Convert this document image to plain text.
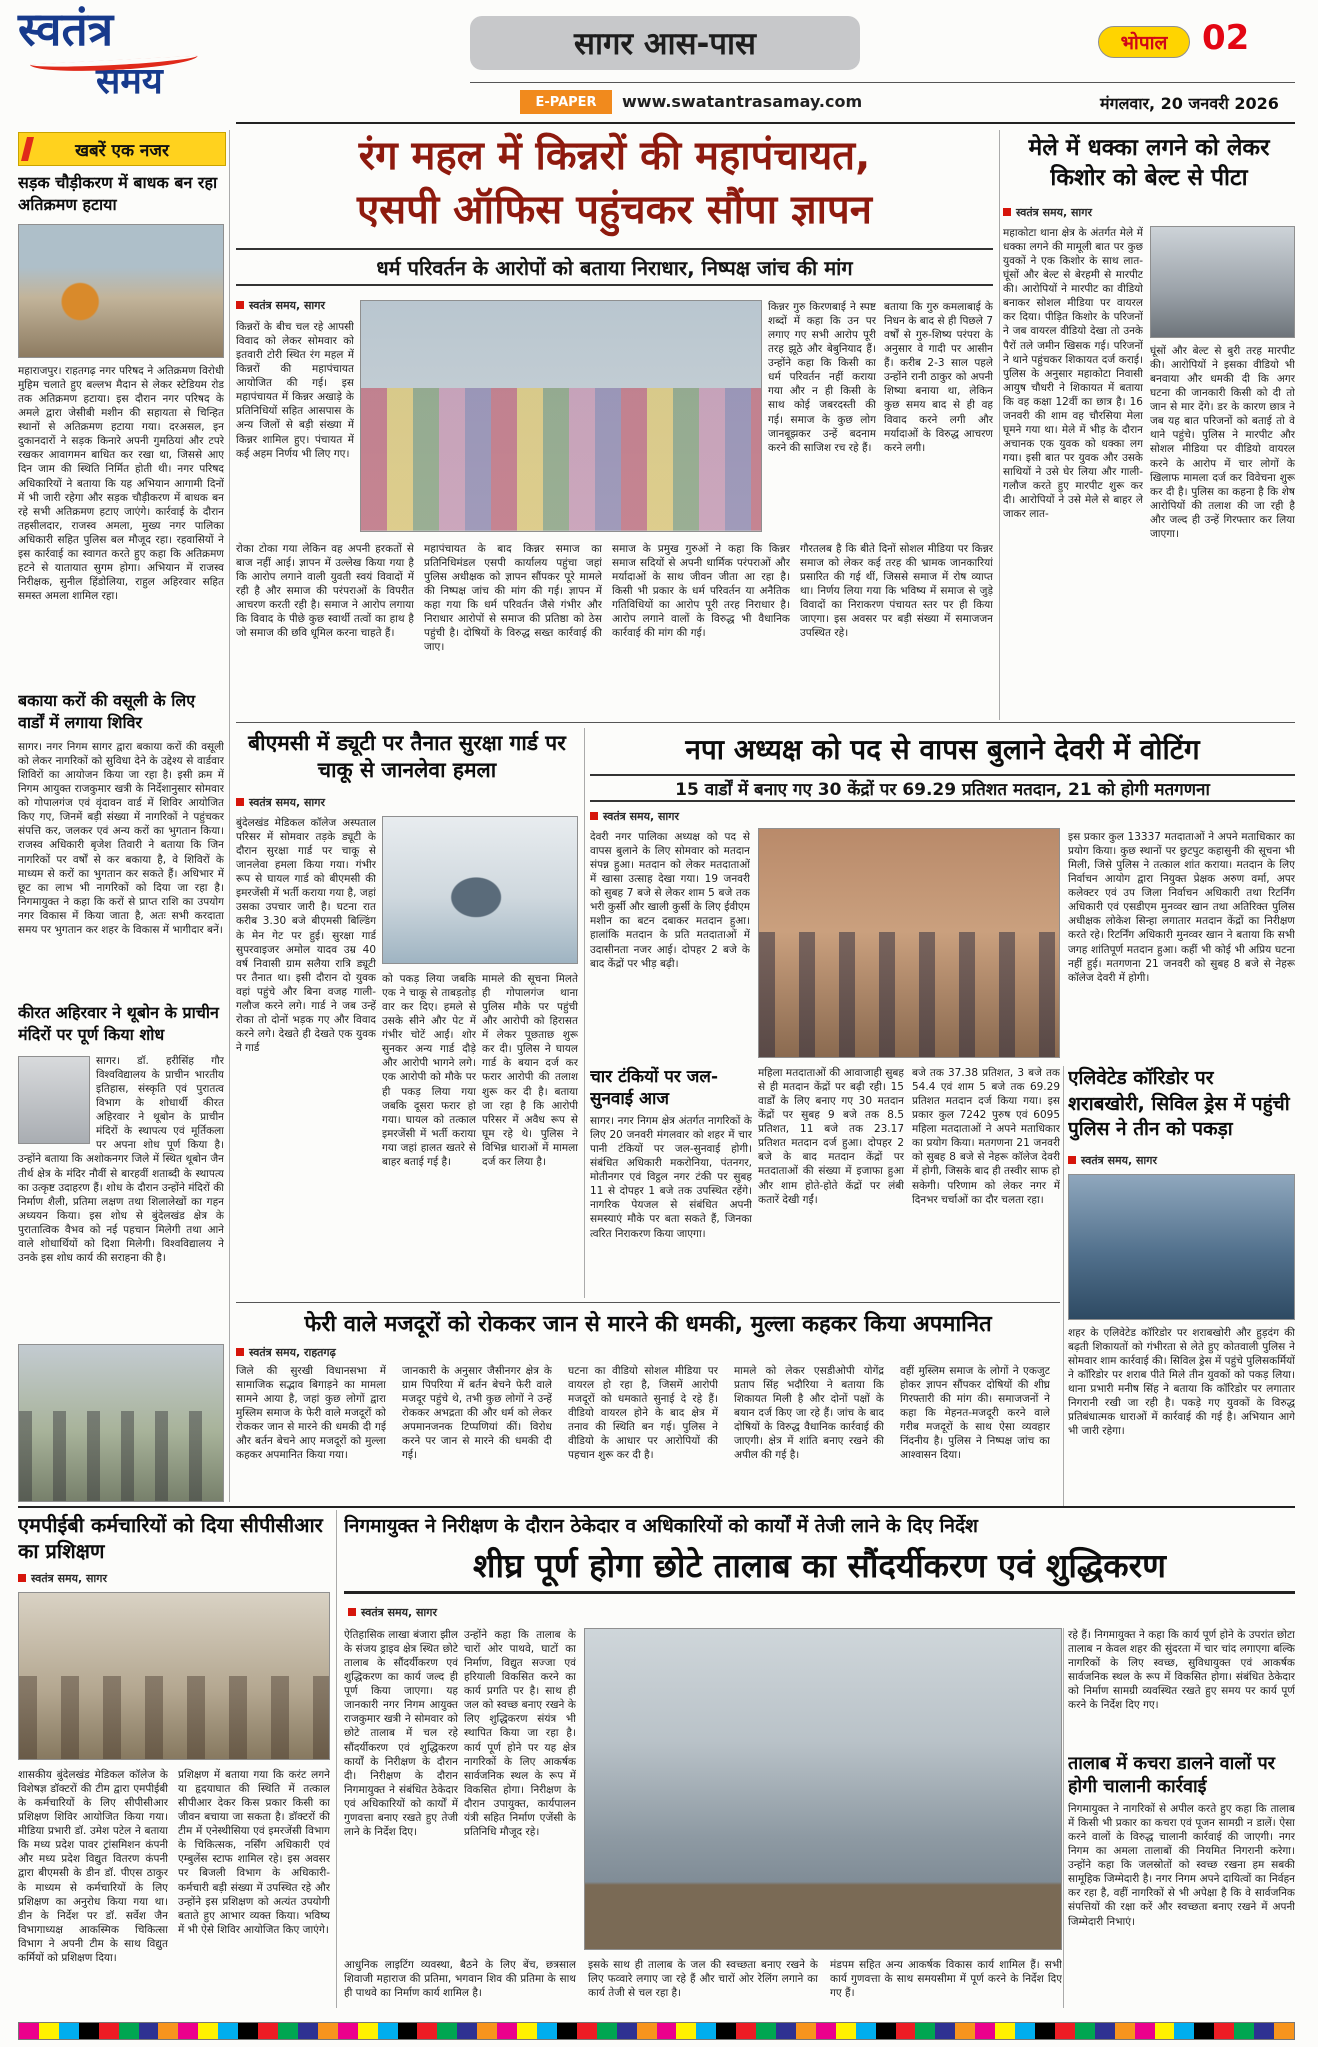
स्वतंत्र
समय
सागर आस-पास	भोपाल	02
E-PAPER	www.swatantrasamay.com	मंगलवार, 20 जनवरी 2026
खबरें एक नजर
सड़क चौड़ीकरण में बाधक बन रहा अतिक्रमण हटाया
महाराजपुर। राहतगढ़ नगर परिषद ने अतिक्रमण विरोधी मुहिम चलाते हुए बल्लभ मैदान से लेकर स्टेडियम रोड तक अतिक्रमण हटाया। इस दौरान नगर परिषद के अमले द्वारा जेसीबी मशीन की सहायता से चिन्हित स्थानों से अतिक्रमण हटाया गया। दरअसल, इन दुकानदारों ने सड़क किनारे अपनी गुमठियां और टपरे रखकर आवागमन बाधित कर रखा था, जिससे आए दिन जाम की स्थिति निर्मित होती थी। नगर परिषद अधिकारियों ने बताया कि यह अभियान आगामी दिनों में भी जारी रहेगा और सड़क चौड़ीकरण में बाधक बन रहे सभी अतिक्रमण हटाए जाएंगे। कार्रवाई के दौरान तहसीलदार, राजस्व अमला, मुख्य नगर पालिका अधिकारी सहित पुलिस बल मौजूद रहा। रहवासियों ने इस कार्रवाई का स्वागत करते हुए कहा कि अतिक्रमण हटने से यातायात सुगम होगा। अभियान में राजस्व निरीक्षक, सुनील हिंडोलिया, राहुल अहिरवार सहित समस्त अमला शामिल रहा।
बकाया करों की वसूली के लिए वार्डों में लगाया शिविर
सागर। नगर निगम सागर द्वारा बकाया करों की वसूली को लेकर नागरिकों को सुविधा देने के उद्देश्य से वार्डवार शिविरों का आयोजन किया जा रहा है। इसी क्रम में निगम आयुक्त राजकुमार खत्री के निर्देशानुसार सोमवार को गोपालगंज एवं वृंदावन वार्ड में शिविर आयोजित किए गए, जिनमें बड़ी संख्या में नागरिकों ने पहुंचकर संपत्ति कर, जलकर एवं अन्य करों का भुगतान किया। राजस्व अधिकारी बृजेश तिवारी ने बताया कि जिन नागरिकों पर वर्षों से कर बकाया है, वे शिविरों के माध्यम से करों का भुगतान कर सकते हैं। अधिभार में छूट का लाभ भी नागरिकों को दिया जा रहा है। निगमायुक्त ने कहा कि करों से प्राप्त राशि का उपयोग नगर विकास में किया जाता है, अतः सभी करदाता समय पर भुगतान कर शहर के विकास में भागीदार बनें।
कीरत अहिरवार ने थूबोन के प्राचीन मंदिरों पर पूर्ण किया शोध
सागर। डॉ. हरीसिंह गौर विश्वविद्यालय के प्राचीन भारतीय इतिहास, संस्कृति एवं पुरातत्व विभाग के शोधार्थी कीरत अहिरवार ने थूबोन के प्राचीन मंदिरों के स्थापत्य एवं मूर्तिकला पर अपना शोध पूर्ण किया है। उन्होंने बताया कि अशोकनगर जिले में स्थित थूबोन जैन तीर्थ क्षेत्र के मंदिर नौवीं से बारहवीं शताब्दी के स्थापत्य का उत्कृष्ट उदाहरण हैं। शोध के दौरान उन्होंने मंदिरों की निर्माण शैली, प्रतिमा लक्षण तथा शिलालेखों का गहन अध्ययन किया। इस शोध से बुंदेलखंड क्षेत्र के पुरातात्विक वैभव को नई पहचान मिलेगी तथा आने वाले शोधार्थियों को दिशा मिलेगी। विश्वविद्यालय ने उनके इस शोध कार्य की सराहना की है।
रंग महल में किन्नरों की महापंचायत,
एसपी ऑफिस पहुंचकर सौंपा ज्ञापन
धर्म परिवर्तन के आरोपों को बताया निराधार, निष्पक्ष जांच की मांग
स्वतंत्र समय, सागर
किन्नरों के बीच चल रहे आपसी विवाद को लेकर सोमवार को इतवारी टोरी स्थित रंग महल में किन्नरों की महापंचायत आयोजित की गई। इस महापंचायत में किन्नर अखाड़े के प्रतिनिधियों सहित आसपास के अन्य जिलों से बड़ी संख्या में किन्नर शामिल हुए। पंचायत में कई अहम निर्णय भी लिए गए।
किन्नर गुरु किरणबाई ने स्पष्ट शब्दों में कहा कि उन पर लगाए गए सभी आरोप पूरी तरह झूठे और बेबुनियाद हैं। उन्होंने कहा कि किसी का धर्म परिवर्तन नहीं कराया गया और न ही किसी के साथ कोई जबरदस्ती की गई। समाज के कुछ लोग जानबूझकर उन्हें बदनाम करने की साजिश रच रहे हैं।
बताया कि गुरु कमलाबाई के निधन के बाद से ही पिछले 7 वर्षों से गुरु-शिष्य परंपरा के अनुसार वे गादी पर आसीन हैं। करीब 2-3 साल पहले उन्होंने रानी ठाकुर को अपनी शिष्या बनाया था, लेकिन कुछ समय बाद से ही वह विवाद करने लगी और मर्यादाओं के विरुद्ध आचरण करने लगी।
रोका टोका गया लेकिन वह अपनी हरकतों से बाज नहीं आई। ज्ञापन में उल्लेख किया गया है कि आरोप लगाने वाली युवती स्वयं विवादों में रही है और समाज की परंपराओं के विपरीत आचरण करती रही है। समाज ने आरोप लगाया कि विवाद के पीछे कुछ स्वार्थी तत्वों का हाथ है जो समाज की छवि धूमिल करना चाहते हैं।
महापंचायत के बाद किन्नर समाज का प्रतिनिधिमंडल एसपी कार्यालय पहुंचा जहां पुलिस अधीक्षक को ज्ञापन सौंपकर पूरे मामले की निष्पक्ष जांच की मांग की गई। ज्ञापन में कहा गया कि धर्म परिवर्तन जैसे गंभीर और निराधार आरोपों से समाज की प्रतिष्ठा को ठेस पहुंची है। दोषियों के विरुद्ध सख्त कार्रवाई की जाए।
समाज के प्रमुख गुरुओं ने कहा कि किन्नर समाज सदियों से अपनी धार्मिक परंपराओं और मर्यादाओं के साथ जीवन जीता आ रहा है। किसी भी प्रकार के धर्म परिवर्तन या अनैतिक गतिविधियों का आरोप पूरी तरह निराधार है। आरोप लगाने वालों के विरुद्ध भी वैधानिक कार्रवाई की मांग की गई।
गौरतलब है कि बीते दिनों सोशल मीडिया पर किन्नर समाज को लेकर कई तरह की भ्रामक जानकारियां प्रसारित की गई थीं, जिससे समाज में रोष व्याप्त था। निर्णय लिया गया कि भविष्य में समाज से जुड़े विवादों का निराकरण पंचायत स्तर पर ही किया जाएगा। इस अवसर पर बड़ी संख्या में समाजजन उपस्थित रहे।
मेले में धक्का लगने को लेकर किशोर को बेल्ट से पीटा
स्वतंत्र समय, सागर
महाकोटा थाना क्षेत्र के अंतर्गत मेले में धक्का लगने की मामूली बात पर कुछ युवकों ने एक किशोर के साथ लात-घूंसों और बेल्ट से बेरहमी से मारपीट की। आरोपियों ने मारपीट का वीडियो बनाकर सोशल मीडिया पर वायरल कर दिया। पीड़ित किशोर के परिजनों ने जब वायरल वीडियो देखा तो उनके पैरों तले जमीन खिसक गई। परिजनों ने थाने पहुंचकर शिकायत दर्ज कराई। पुलिस के अनुसार महाकोटा निवासी आयुष चौधरी ने शिकायत में बताया कि वह कक्षा 12वीं का छात्र है। 16 जनवरी की शाम वह चौरसिया मेला घूमने गया था। मेले में भीड़ के दौरान अचानक एक युवक को धक्का लग गया। इसी बात पर युवक और उसके साथियों ने उसे घेर लिया और गाली-गलौज करते हुए मारपीट शुरू कर दी। आरोपियों ने उसे मेले से बाहर ले जाकर लात-
घूंसों और बेल्ट से बुरी तरह मारपीट की। आरोपियों ने इसका वीडियो भी बनवाया और धमकी दी कि अगर घटना की जानकारी किसी को दी तो जान से मार देंगे। डर के कारण छात्र ने जब यह बात परिजनों को बताई तो वे थाने पहुंचे। पुलिस ने मारपीट और सोशल मीडिया पर वीडियो वायरल करने के आरोप में चार लोगों के खिलाफ मामला दर्ज कर विवेचना शुरू कर दी है। पुलिस का कहना है कि शेष आरोपियों की तलाश की जा रही है और जल्द ही उन्हें गिरफ्तार कर लिया जाएगा।
बीएमसी में ड्यूटी पर तैनात सुरक्षा गार्ड पर चाकू से जानलेवा हमला
स्वतंत्र समय, सागर
बुंदेलखंड मेडिकल कॉलेज अस्पताल परिसर में सोमवार तड़के ड्यूटी के दौरान सुरक्षा गार्ड पर चाकू से जानलेवा हमला किया गया। गंभीर रूप से घायल गार्ड को बीएमसी की इमरजेंसी में भर्ती कराया गया है, जहां उसका उपचार जारी है। घटना रात करीब 3.30 बजे बीएमसी बिल्डिंग के मेन गेट पर हुई। सुरक्षा गार्ड सुपरवाइजर अमोल यादव उम्र 40 वर्ष निवासी ग्राम सलैया रात्रि ड्यूटी पर तैनात था। इसी दौरान दो युवक वहां पहुंचे और बिना वजह गाली-गलौज करने लगे। गार्ड ने जब उन्हें रोका तो दोनों भड़क गए और विवाद करने लगे। देखते ही देखते एक युवक ने गार्ड
को पकड़ लिया जबकि एक ने चाकू से ताबड़तोड़ वार कर दिए। हमले से उसके सीने और पेट में गंभीर चोटें आईं। शोर सुनकर अन्य गार्ड दौड़े और आरोपी भागने लगे। एक आरोपी को मौके पर ही पकड़ लिया गया जबकि दूसरा फरार हो गया। घायल को तत्काल इमरजेंसी में भर्ती कराया गया जहां हालत खतरे से बाहर बताई गई है।
मामले की सूचना मिलते ही गोपालगंज थाना पुलिस मौके पर पहुंची और आरोपी को हिरासत में लेकर पूछताछ शुरू कर दी। पुलिस ने घायल गार्ड के बयान दर्ज कर फरार आरोपी की तलाश शुरू कर दी है। बताया जा रहा है कि आरोपी परिसर में अवैध रूप से घूम रहे थे। पुलिस ने विभिन्न धाराओं में मामला दर्ज कर लिया है।
नपा अध्यक्ष को पद से वापस बुलाने देवरी में वोटिंग
15 वार्डों में बनाए गए 30 केंद्रों पर 69.29 प्रतिशत मतदान, 21 को होगी मतगणना
स्वतंत्र समय, सागर
देवरी नगर पालिका अध्यक्ष को पद से वापस बुलाने के लिए सोमवार को मतदान संपन्न हुआ। मतदान को लेकर मतदाताओं में खासा उत्साह देखा गया। 19 जनवरी को सुबह 7 बजे से लेकर शाम 5 बजे तक भरी कुर्सी और खाली कुर्सी के लिए ईवीएम मशीन का बटन दबाकर मतदान हुआ। हालांकि मतदान के प्रति मतदाताओं में उदासीनता नजर आई। दोपहर 2 बजे के बाद केंद्रों पर भीड़ बढ़ी।
इस प्रकार कुल 13337 मतदाताओं ने अपने मताधिकार का प्रयोग किया। कुछ स्थानों पर छुटपुट कहासुनी की सूचना भी मिली, जिसे पुलिस ने तत्काल शांत कराया। मतदान के लिए निर्वाचन आयोग द्वारा नियुक्त प्रेक्षक अरुण वर्मा, अपर कलेक्टर एवं उप जिला निर्वाचन अधिकारी तथा रिटर्निंग अधिकारी एवं एसडीएम मुनव्वर खान तथा अतिरिक्त पुलिस अधीक्षक लोकेश सिन्हा लगातार मतदान केंद्रों का निरीक्षण करते रहे। रिटर्निंग अधिकारी मुनव्वर खान ने बताया कि सभी जगह शांतिपूर्ण मतदान हुआ। कहीं भी कोई भी अप्रिय घटना नहीं हुई। मतगणना 21 जनवरी को सुबह 8 बजे से नेहरू कॉलेज देवरी में होगी।
महिला मतदाताओं की आवाजाही सुबह से ही मतदान केंद्रों पर बढ़ी रही। 15 वार्डों के लिए बनाए गए 30 मतदान केंद्रों पर सुबह 9 बजे तक 8.5 प्रतिशत, 11 बजे तक 23.17 प्रतिशत मतदान दर्ज हुआ। दोपहर 2 बजे के बाद मतदान केंद्रों पर मतदाताओं की संख्या में इजाफा हुआ और शाम होते-होते केंद्रों पर लंबी कतारें देखी गईं।
बजे तक 37.38 प्रतिशत, 3 बजे तक 54.4 एवं शाम 5 बजे तक 69.29 प्रतिशत मतदान दर्ज किया गया। इस प्रकार कुल 7242 पुरुष एवं 6095 महिला मतदाताओं ने अपने मताधिकार का प्रयोग किया। मतगणना 21 जनवरी को सुबह 8 बजे से नेहरू कॉलेज देवरी में होगी, जिसके बाद ही तस्वीर साफ हो सकेगी। परिणाम को लेकर नगर में दिनभर चर्चाओं का दौर चलता रहा।
चार टंकियों पर जल-सुनवाई आज
सागर। नगर निगम क्षेत्र अंतर्गत नागरिकों के लिए 20 जनवरी मंगलवार को शहर में चार पानी टंकियों पर जल-सुनवाई होगी। संबंधित अधिकारी मकरोनिया, पंतनगर, मोतीनगर एवं विट्ठल नगर टंकी पर सुबह 11 से दोपहर 1 बजे तक उपस्थित रहेंगे। नागरिक पेयजल से संबंधित अपनी समस्याएं मौके पर बता सकते हैं, जिनका त्वरित निराकरण किया जाएगा।
एलिवेटेड कॉरिडोर पर शराबखोरी, सिविल ड्रेस में पहुंची पुलिस ने तीन को पकड़ा
स्वतंत्र समय, सागर
शहर के एलिवेटेड कॉरिडोर पर शराबखोरी और हुड़दंग की बढ़ती शिकायतों को गंभीरता से लेते हुए कोतवाली पुलिस ने सोमवार शाम कार्रवाई की। सिविल ड्रेस में पहुंचे पुलिसकर्मियों ने कॉरिडोर पर शराब पीते मिले तीन युवकों को पकड़ लिया। थाना प्रभारी मनीष सिंह ने बताया कि कॉरिडोर पर लगातार निगरानी रखी जा रही है। पकड़े गए युवकों के विरुद्ध प्रतिबंधात्मक धाराओं में कार्रवाई की गई है। अभियान आगे भी जारी रहेगा।
फेरी वाले मजदूरों को रोककर जान से मारने की धमकी, मुल्ला कहकर किया अपमानित
स्वतंत्र समय, राहतगढ़
जिले की सुरखी विधानसभा में सामाजिक सद्भाव बिगाड़ने का मामला सामने आया है, जहां कुछ लोगों द्वारा मुस्लिम समाज के फेरी वाले मजदूरों को रोककर जान से मारने की धमकी दी गई और बर्तन बेचने आए मजदूरों को मुल्ला कहकर अपमानित किया गया।
जानकारी के अनुसार जैसीनगर क्षेत्र के ग्राम पिपरिया में बर्तन बेचने फेरी वाले मजदूर पहुंचे थे, तभी कुछ लोगों ने उन्हें रोककर अभद्रता की और धर्म को लेकर अपमानजनक टिप्पणियां कीं। विरोध करने पर जान से मारने की धमकी दी गई।
घटना का वीडियो सोशल मीडिया पर वायरल हो रहा है, जिसमें आरोपी मजदूरों को धमकाते सुनाई दे रहे हैं। वीडियो वायरल होने के बाद क्षेत्र में तनाव की स्थिति बन गई। पुलिस ने वीडियो के आधार पर आरोपियों की पहचान शुरू कर दी है।
मामले को लेकर एसडीओपी योगेंद्र प्रताप सिंह भदौरिया ने बताया कि शिकायत मिली है और दोनों पक्षों के बयान दर्ज किए जा रहे हैं। जांच के बाद दोषियों के विरुद्ध वैधानिक कार्रवाई की जाएगी। क्षेत्र में शांति बनाए रखने की अपील की गई है।
वहीं मुस्लिम समाज के लोगों ने एकजुट होकर ज्ञापन सौंपकर दोषियों की शीघ्र गिरफ्तारी की मांग की। समाजजनों ने कहा कि मेहनत-मजदूरी करने वाले गरीब मजदूरों के साथ ऐसा व्यवहार निंदनीय है। पुलिस ने निष्पक्ष जांच का आश्वासन दिया।
एमपीईबी कर्मचारियों को दिया सीपीसीआर का प्रशिक्षण
स्वतंत्र समय, सागर
शासकीय बुंदेलखंड मेडिकल कॉलेज के विशेषज्ञ डॉक्टरों की टीम द्वारा एमपीईबी के कर्मचारियों के लिए सीपीसीआर प्रशिक्षण शिविर आयोजित किया गया। मीडिया प्रभारी डॉ. उमेश पटेल ने बताया कि मध्य प्रदेश पावर ट्रांसमिशन कंपनी और मध्य प्रदेश विद्युत वितरण कंपनी द्वारा बीएमसी के डीन डॉ. पीएस ठाकुर के माध्यम से कर्मचारियों के लिए प्रशिक्षण का अनुरोध किया गया था। डीन के निर्देश पर डॉ. सर्वेश जैन विभागाध्यक्ष आकस्मिक चिकित्सा विभाग ने अपनी टीम के साथ विद्युत कर्मियों को प्रशिक्षण दिया।
प्रशिक्षण में बताया गया कि करंट लगने या हृदयाघात की स्थिति में तत्काल सीपीआर देकर किस प्रकार किसी का जीवन बचाया जा सकता है। डॉक्टरों की टीम में एनेस्थीसिया एवं इमरजेंसी विभाग के चिकित्सक, नर्सिंग अधिकारी एवं एम्बुलेंस स्टाफ शामिल रहे। इस अवसर पर बिजली विभाग के अधिकारी-कर्मचारी बड़ी संख्या में उपस्थित रहे और उन्होंने इस प्रशिक्षण को अत्यंत उपयोगी बताते हुए आभार व्यक्त किया। भविष्य में भी ऐसे शिविर आयोजित किए जाएंगे।
निगमायुक्त ने निरीक्षण के दौरान ठेकेदार व अधिकारियों को कार्यों में तेजी लाने के दिए निर्देश
शीघ्र पूर्ण होगा छोटे तालाब का सौंदर्यीकरण एवं शुद्धिकरण
स्वतंत्र समय, सागर
ऐतिहासिक लाखा बंजारा झील के संजय ड्राइव क्षेत्र स्थित छोटे तालाब के सौंदर्यीकरण एवं शुद्धिकरण का कार्य जल्द ही पूर्ण किया जाएगा। यह जानकारी नगर निगम आयुक्त राजकुमार खत्री ने सोमवार को छोटे तालाब में चल रहे सौंदर्यीकरण एवं शुद्धिकरण कार्यों के निरीक्षण के दौरान दी। निरीक्षण के दौरान निगमायुक्त ने संबंधित ठेकेदार एवं अधिकारियों को कार्यों में गुणवत्ता बनाए रखते हुए तेजी लाने के निर्देश दिए।
उन्होंने कहा कि तालाब के चारों ओर पाथवे, घाटों का निर्माण, विद्युत सज्जा एवं हरियाली विकसित करने का कार्य प्रगति पर है। साथ ही जल को स्वच्छ बनाए रखने के लिए शुद्धिकरण संयंत्र भी स्थापित किया जा रहा है। कार्य पूर्ण होने पर यह क्षेत्र नागरिकों के लिए आकर्षक सार्वजनिक स्थल के रूप में विकसित होगा। निरीक्षण के दौरान उपायुक्त, कार्यपालन यंत्री सहित निर्माण एजेंसी के प्रतिनिधि मौजूद रहे।
रहे हैं। निगमायुक्त ने कहा कि कार्य पूर्ण होने के उपरांत छोटा तालाब न केवल शहर की सुंदरता में चार चांद लगाएगा बल्कि नागरिकों के लिए स्वच्छ, सुविधायुक्त एवं आकर्षक सार्वजनिक स्थल के रूप में विकसित होगा। संबंधित ठेकेदार को निर्माण सामग्री व्यवस्थित रखते हुए समय पर कार्य पूर्ण करने के निर्देश दिए गए।
तालाब में कचरा डालने वालों पर होगी चालानी कार्रवाई
निगमायुक्त ने नागरिकों से अपील करते हुए कहा कि तालाब में किसी भी प्रकार का कचरा एवं पूजन सामग्री न डालें। ऐसा करने वालों के विरुद्ध चालानी कार्रवाई की जाएगी। नगर निगम का अमला तालाबों की नियमित निगरानी करेगा। उन्होंने कहा कि जलस्रोतों को स्वच्छ रखना हम सबकी सामूहिक जिम्मेदारी है। नगर निगम अपने दायित्वों का निर्वहन कर रहा है, वहीं नागरिकों से भी अपेक्षा है कि वे सार्वजनिक संपत्तियों की रक्षा करें और स्वच्छता बनाए रखने में अपनी जिम्मेदारी निभाएं।
आधुनिक लाइटिंग व्यवस्था, बैठने के लिए बेंच, छत्रसाल शिवाजी महाराज की प्रतिमा, भगवान शिव की प्रतिमा के साथ ही पाथवे का निर्माण कार्य शामिल है।
इसके साथ ही तालाब के जल की स्वच्छता बनाए रखने के लिए फव्वारे लगाए जा रहे हैं और चारों ओर रेलिंग लगाने का कार्य तेजी से चल रहा है।
मंडपम सहित अन्य आकर्षक विकास कार्य शामिल हैं। सभी कार्य गुणवत्ता के साथ समयसीमा में पूर्ण करने के निर्देश दिए गए हैं।
